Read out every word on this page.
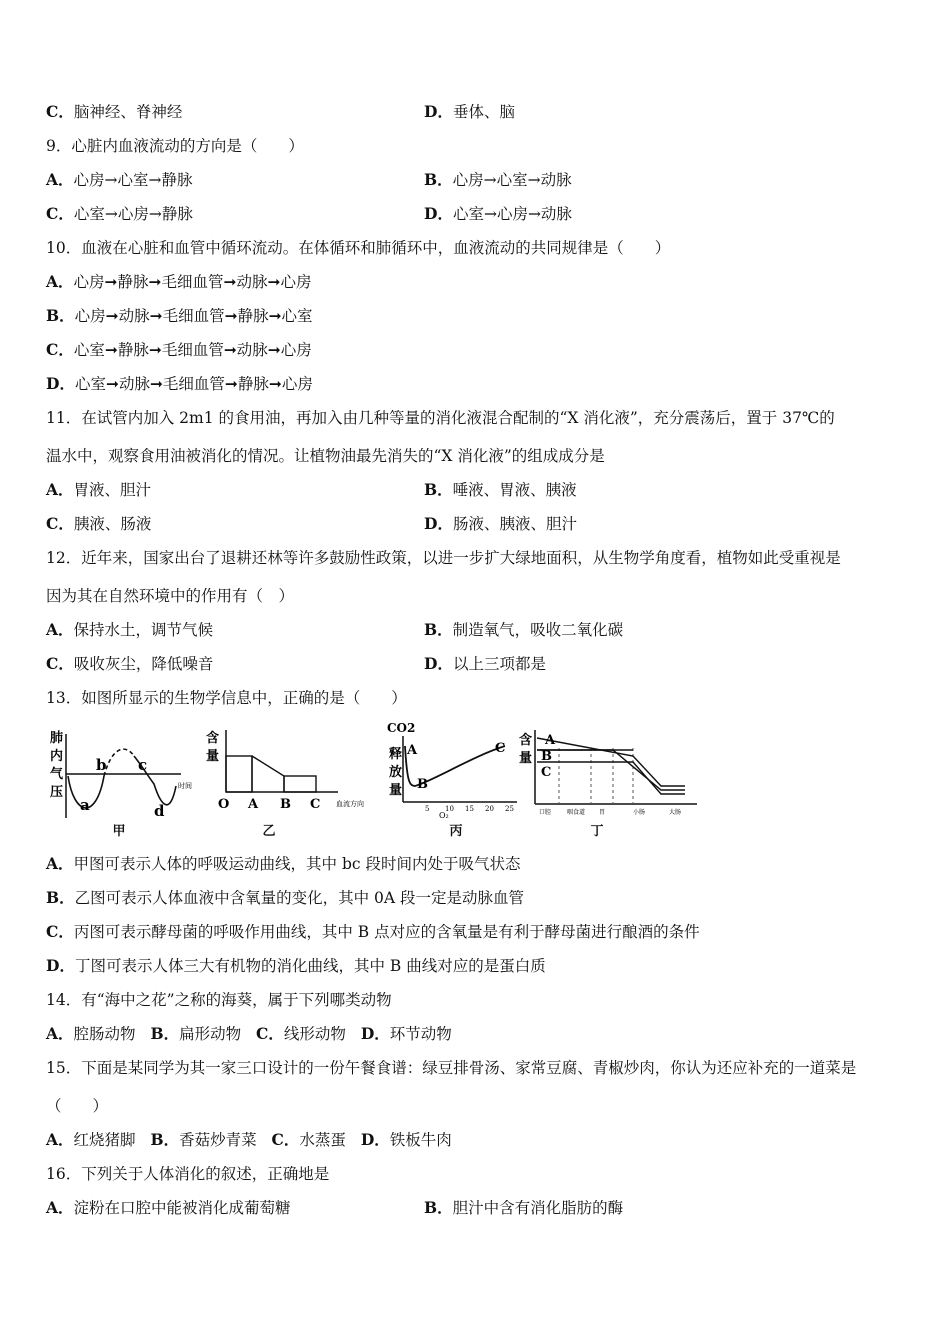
C．脑神经、脊神经	D．垂体、脑
9．心脏内血液流动的方向是（　　）
A．心房→心室→静脉	B．心房→心室→动脉
C．心室→心房→静脉	D．心室→心房→动脉
10．血液在心脏和血管中循环流动。在体循环和肺循环中，血液流动的共同规律是（　　）
A．心房➞静脉➞毛细血管➞动脉➞心房
B．心房➞动脉➞毛细血管➞静脉➞心室
C．心室➞静脉➞毛细血管➞动脉➞心房
D．心室➞动脉➞毛细血管➞静脉➞心房
11．在试管内加入 2m1 的食用油，再加入由几种等量的消化液混合配制的“X 消化液”，充分震荡后，置于 37℃的
温水中，观察食用油被消化的情况。让植物油最先消失的“X 消化液”的组成成分是
A．胃液、胆汁	B．唾液、胃液、胰液
C．胰液、肠液	D．肠液、胰液、胆汁
12．近年来，国家出台了退耕还林等许多鼓励性政策，以进一步扩大绿地面积，从生物学角度看，植物如此受重视是
因为其在自然环境中的作用有（　）
A．保持水土，调节气候	B．制造氧气，吸收二氧化碳
C．吸收灰尘，降低噪音	D．以上三项都是
13．如图所显示的生物学信息中，正确的是（　　）
肺
内
气
压
a
b c
d
时间
甲
含
量
O A B C 血流方向
乙
CO2
释
放
量
A
B
C
5 10 15 20 25
O₂
丙
含
量
A
B
C
口腔	咽食道 胃	小肠	大肠
丁
A．甲图可表示人体的呼吸运动曲线，其中 bc 段时间内处于吸气状态
B．乙图可表示人体血液中含氧量的变化，其中 0A 段一定是动脉血管
C．丙图可表示酵母菌的呼吸作用曲线，其中 B 点对应的含氧量是有利于酵母菌进行酿酒的条件
D．丁图可表示人体三大有机物的消化曲线，其中 B 曲线对应的是蛋白质
14．有“海中之花”之称的海葵，属于下列哪类动物
A．腔肠动物 B．扁形动物 C．线形动物 D．环节动物
15．下面是某同学为其一家三口设计的一份午餐食谱：绿豆排骨汤、家常豆腐、青椒炒肉，你认为还应补充的一道菜是
（　　）
A．红烧猪脚 B．香菇炒青菜 C．水蒸蛋 D．铁板牛肉
16．下列关于人体消化的叙述，正确地是
A．淀粉在口腔中能被消化成葡萄糖	B．胆汁中含有消化脂肪的酶
